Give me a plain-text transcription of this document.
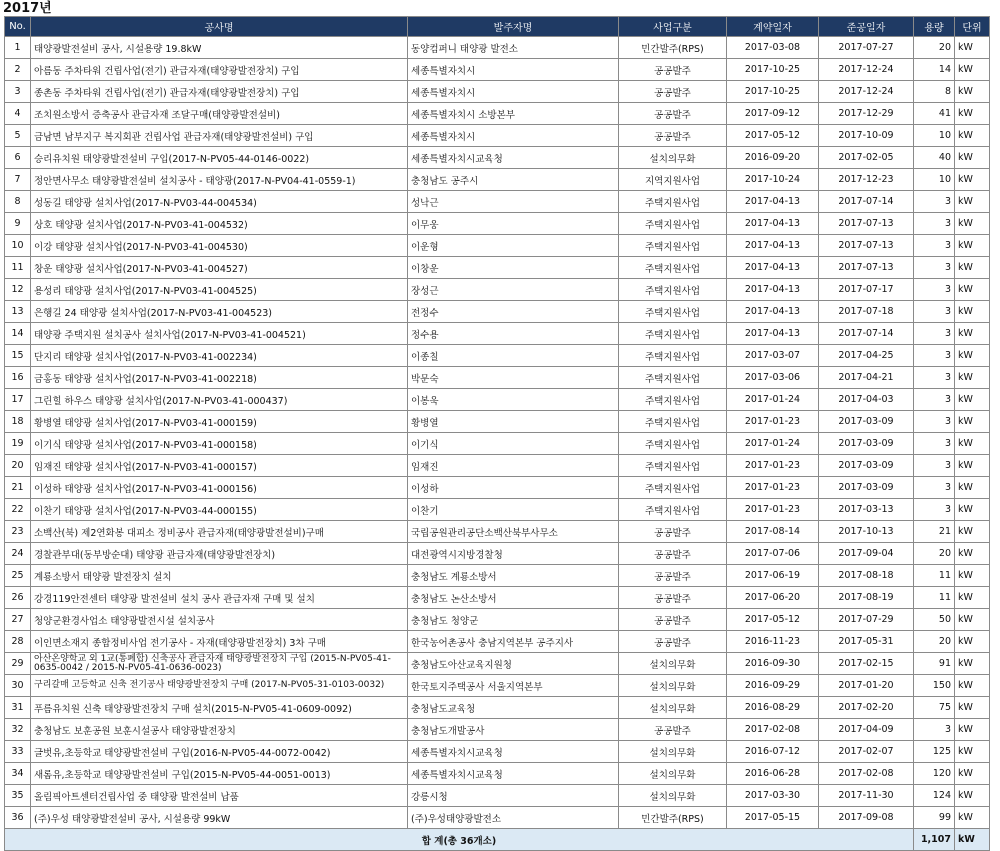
2017년
No.	공사명	발주자명	사업구분	계약일자	준공일자	용량	단위
1	태양광발전설비 공사, 시설용량 19.8kW	동양컴퍼니 태양광 발전소	민간발주(RPS)	2017-03-08	2017-07-27	20	kW
2	아름동 주차타워 건립사업(전기) 관급자재(태양광발전장치) 구입	세종특별자치시	공공발주	2017-10-25	2017-12-24	14	kW
3	종촌동 주차타워 건립사업(전기) 관급자재(태양광발전장치) 구입	세종특별자치시	공공발주	2017-10-25	2017-12-24	8	kW
4	조치원소방서 증축공사 관급자재 조달구매(태양광발전설비)	세종특별자치시 소방본부	공공발주	2017-09-12	2017-12-29	41	kW
5	금남면 남부지구 복지회관 건립사업 관급자재(태양광발전설비) 구입	세종특별자치시	공공발주	2017-05-12	2017-10-09	10	kW
6	승리유치원 태양광발전설비 구입(2017-N-PV05-44-0146-0022)	세종특별자치시교육청	설치의무화	2016-09-20	2017-02-05	40	kW
7	정안면사무소 태양광발전설비 설치공사 - 태양광(2017-N-PV04-41-0559-1)	충청남도 공주시	지역지원사업	2017-10-24	2017-12-23	10	kW
8	성동길 태양광 설치사업(2017-N-PV03-44-004534)	성낙근	주택지원사업	2017-04-13	2017-07-14	3	kW
9	상호 태양광 설치사업(2017-N-PV03-41-004532)	이무웅	주택지원사업	2017-04-13	2017-07-13	3	kW
10	이강 태양광 설치사업(2017-N-PV03-41-004530)	이운형	주택지원사업	2017-04-13	2017-07-13	3	kW
11	창운 태양광 설치사업(2017-N-PV03-41-004527)	이창운	주택지원사업	2017-04-13	2017-07-13	3	kW
12	용성리 태양광 설치사업(2017-N-PV03-41-004525)	장성근	주택지원사업	2017-04-13	2017-07-17	3	kW
13	은행길 24 태양광 설치사업(2017-N-PV03-41-004523)	전정수	주택지원사업	2017-04-13	2017-07-18	3	kW
14	태양광 주택지원 설치공사 설치사업(2017-N-PV03-41-004521)	정수용	주택지원사업	2017-04-13	2017-07-14	3	kW
15	단지리 태양광 설치사업(2017-N-PV03-41-002234)	이종칠	주택지원사업	2017-03-07	2017-04-25	3	kW
16	금홍동 태양광 설치사업(2017-N-PV03-41-002218)	박문숙	주택지원사업	2017-03-06	2017-04-21	3	kW
17	그린힐 하우스 태양광 설치사업(2017-N-PV03-41-000437)	이봉욱	주택지원사업	2017-01-24	2017-04-03	3	kW
18	황병열 태양광 설치사업(2017-N-PV03-41-000159)	황병열	주택지원사업	2017-01-23	2017-03-09	3	kW
19	이기식 태양광 설치사업(2017-N-PV03-41-000158)	이기식	주택지원사업	2017-01-24	2017-03-09	3	kW
20	임재진 태양광 설치사업(2017-N-PV03-41-000157)	임재진	주택지원사업	2017-01-23	2017-03-09	3	kW
21	이성하 태양광 설치사업(2017-N-PV03-41-000156)	이성하	주택지원사업	2017-01-23	2017-03-09	3	kW
22	이찬기 태양광 설치사업(2017-N-PV03-44-000155)	이찬기	주택지원사업	2017-01-23	2017-03-13	3	kW
23	소백산(북) 제2연화봉 대피소 정비공사 관급자재(태양광발전설비)구매	국립공원관리공단소백산북부사무소	공공발주	2017-08-14	2017-10-13	21	kW
24	경찰관부대(동부방순대) 태양광 관급자재(태양광발전장치)	대전광역시지방경찰청	공공발주	2017-07-06	2017-09-04	20	kW
25	계룡소방서 태양광 발전장치 설치	충청남도 계룡소방서	공공발주	2017-06-19	2017-08-18	11	kW
26	강경119안전센터 태양광 발전설비 설치 공사 관급자재 구매 및 설치	충청남도 논산소방서	공공발주	2017-06-20	2017-08-19	11	kW
27	청양군환경사업소 태양광발전시설 설치공사	충청남도 청양군	공공발주	2017-05-12	2017-07-29	50	kW
28	이인면소재지 종합정비사업 전기공사 - 자재(태양광발전장치) 3차 구매	한국농어촌공사 충남지역본부 공주지사	공공발주	2016-11-23	2017-05-31	20	kW
29	아산온양학교 외 1교(통폐합) 신축공사 관급자재 태양광발전장치 구입 (2015-N-PV05-41-0635-0042 / 2015-N-PV05-41-0636-0023)	충청남도아산교육지원청	설치의무화	2016-09-30	2017-02-15	91	kW
30	구리갈매 고등학교 신축 전기공사 태양광발전장치 구매 (2017-N-PV05-31-0103-0032)	한국토지주택공사 서울지역본부	설치의무화	2016-09-29	2017-01-20	150	kW
31	푸름유치원 신축 태양광발전장치 구매 설치(2015-N-PV05-41-0609-0092)	충청남도교육청	설치의무화	2016-08-29	2017-02-20	75	kW
32	충청남도 보훈공원 보훈시설공사 태양광발전장치	충청남도개발공사	공공발주	2017-02-08	2017-04-09	3	kW
33	글벗유,초등학교 태양광발전설비 구입(2016-N-PV05-44-0072-0042)	세종특별자치시교육청	설치의무화	2016-07-12	2017-02-07	125	kW
34	새롬유,초등학교 태양광발전설비 구입(2015-N-PV05-44-0051-0013)	세종특별자치시교육청	설치의무화	2016-06-28	2017-02-08	120	kW
35	올림픽아트센터건립사업 중 태양광 발전설비 납품	강릉시청	설치의무화	2017-03-30	2017-11-30	124	kW
36	(주)우성 태양광발전설비 공사, 시설용량 99kW	(주)우성태양광발전소	민간발주(RPS)	2017-05-15	2017-09-08	99	kW
합 계(총 36개소)						1,107	kW
